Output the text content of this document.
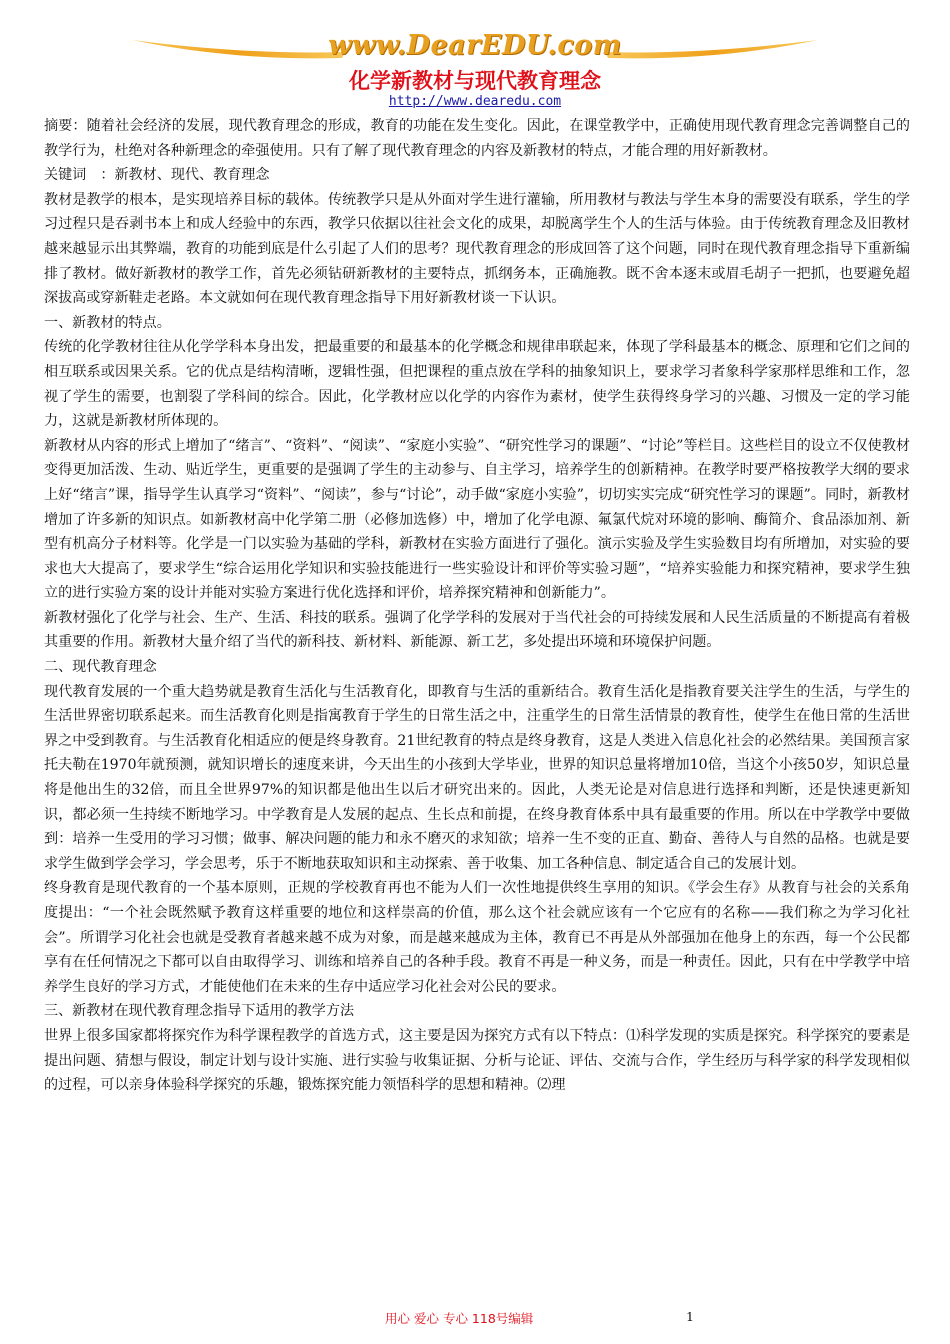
www.DearEDU.com
化学新教材与现代教育理念
http://www.dearedu.com

摘要：随着社会经济的发展，现代教育理念的形成，教育的功能在发生变化。因此，在课堂教学中，正确使用现代教育理念完善调整自己的教学行为，杜绝对各种新理念的牵强使用。只有了解了现代教育理念的内容及新教材的特点，才能合理的用好新教材。

关键词　：新教材、现代、教育理念

教材是教学的根本，是实现培养目标的载体。传统教学只是从外面对学生进行灌输，所用教材与教法与学生本身的需要没有联系，学生的学习过程只是吞剥书本上和成人经验中的东西，教学只依据以往社会文化的成果，却脱离学生个人的生活与体验。由于传统教育理念及旧教材越来越显示出其弊端，教育的功能到底是什么引起了人们的思考？现代教育理念的形成回答了这个问题，同时在现代教育理念指导下重新编排了教材。做好新教材的教学工作，首先必须钻研新教材的主要特点，抓纲务本，正确施教。既不舍本逐末或眉毛胡子一把抓，也要避免超深拔高或穿新鞋走老路。本文就如何在现代教育理念指导下用好新教材谈一下认识。

一、新教材的特点。

传统的化学教材往往从化学学科本身出发，把最重要的和最基本的化学概念和规律串联起来，体现了学科最基本的概念、原理和它们之间的相互联系或因果关系。它的优点是结构清晰，逻辑性强，但把课程的重点放在学科的抽象知识上，要求学习者象科学家那样思维和工作，忽视了学生的需要，也割裂了学科间的综合。因此，化学教材应以化学的内容作为素材，使学生获得终身学习的兴趣、习惯及一定的学习能力，这就是新教材所体现的。

新教材从内容的形式上增加了“绪言”、“资料”、“阅读”、“家庭小实验”、“研究性学习的课题”、“讨论”等栏目。这些栏目的设立不仅使教材变得更加活泼、生动、贴近学生，更重要的是强调了学生的主动参与、自主学习，培养学生的创新精神。在教学时要严格按教学大纲的要求上好“绪言”课，指导学生认真学习“资料”、“阅读”，参与“讨论”，动手做“家庭小实验”，切切实实完成“研究性学习的课题”。同时，新教材增加了许多新的知识点。如新教材高中化学第二册（必修加选修）中，增加了化学电源、氟氯代烷对环境的影响、酶简介、食品添加剂、新型有机高分子材料等。化学是一门以实验为基础的学科，新教材在实验方面进行了强化。演示实验及学生实验数目均有所增加，对实验的要求也大大提高了，要求学生“综合运用化学知识和实验技能进行一些实验设计和评价等实验习题”，“培养实验能力和探究精神，要求学生独立的进行实验方案的设计并能对实验方案进行优化选择和评价，培养探究精神和创新能力”。

新教材强化了化学与社会、生产、生活、科技的联系。强调了化学学科的发展对于当代社会的可持续发展和人民生活质量的不断提高有着极其重要的作用。新教材大量介绍了当代的新科技、新材料、新能源、新工艺，多处提出环境和环境保护问题。

二、现代教育理念

现代教育发展的一个重大趋势就是教育生活化与生活教育化，即教育与生活的重新结合。教育生活化是指教育要关注学生的生活，与学生的生活世界密切联系起来。而生活教育化则是指寓教育于学生的日常生活之中，注重学生的日常生活情景的教育性，使学生在他日常的生活世界之中受到教育。与生活教育化相适应的便是终身教育。21世纪教育的特点是终身教育，这是人类进入信息化社会的必然结果。美国预言家托夫勒在1970年就预测，就知识增长的速度来讲，今天出生的小孩到大学毕业，世界的知识总量将增加10倍，当这个小孩50岁，知识总量将是他出生的32倍，而且全世界97%的知识都是他出生以后才研究出来的。因此，人类无论是对信息进行选择和判断，还是快速更新知识，都必须一生持续不断地学习。中学教育是人发展的起点、生长点和前提，在终身教育体系中具有最重要的作用。所以在中学教学中要做到：培养一生受用的学习习惯；做事、解决问题的能力和永不磨灭的求知欲；培养一生不变的正直、勤奋、善待人与自然的品格。也就是要求学生做到学会学习，学会思考，乐于不断地获取知识和主动探索、善于收集、加工各种信息、制定适合自己的发展计划。

终身教育是现代教育的一个基本原则，正规的学校教育再也不能为人们一次性地提供终生享用的知识。《学会生存》从教育与社会的关系角度提出：“一个社会既然赋予教育这样重要的地位和这样崇高的价值，那么这个社会就应该有一个它应有的名称——我们称之为学习化社会”。所谓学习化社会也就是受教育者越来越不成为对象，而是越来越成为主体，教育已不再是从外部强加在他身上的东西，每一个公民都享有在任何情况之下都可以自由取得学习、训练和培养自己的各种手段。教育不再是一种义务，而是一种责任。因此，只有在中学教学中培养学生良好的学习方式，才能使他们在未来的生存中适应学习化社会对公民的要求。

三、新教材在现代教育理念指导下适用的教学方法

世界上很多国家都将探究作为科学课程教学的首选方式，这主要是因为探究方式有以下特点：⑴科学发现的实质是探究。科学探究的要素是提出问题、猜想与假设，制定计划与设计实施、进行实验与收集证据、分析与论证、评估、交流与合作，学生经历与科学家的科学发现相似的过程，可以亲身体验科学探究的乐趣，锻炼探究能力领悟科学的思想和精神。⑵理

用心 爱心 专心 118号编辑	1
